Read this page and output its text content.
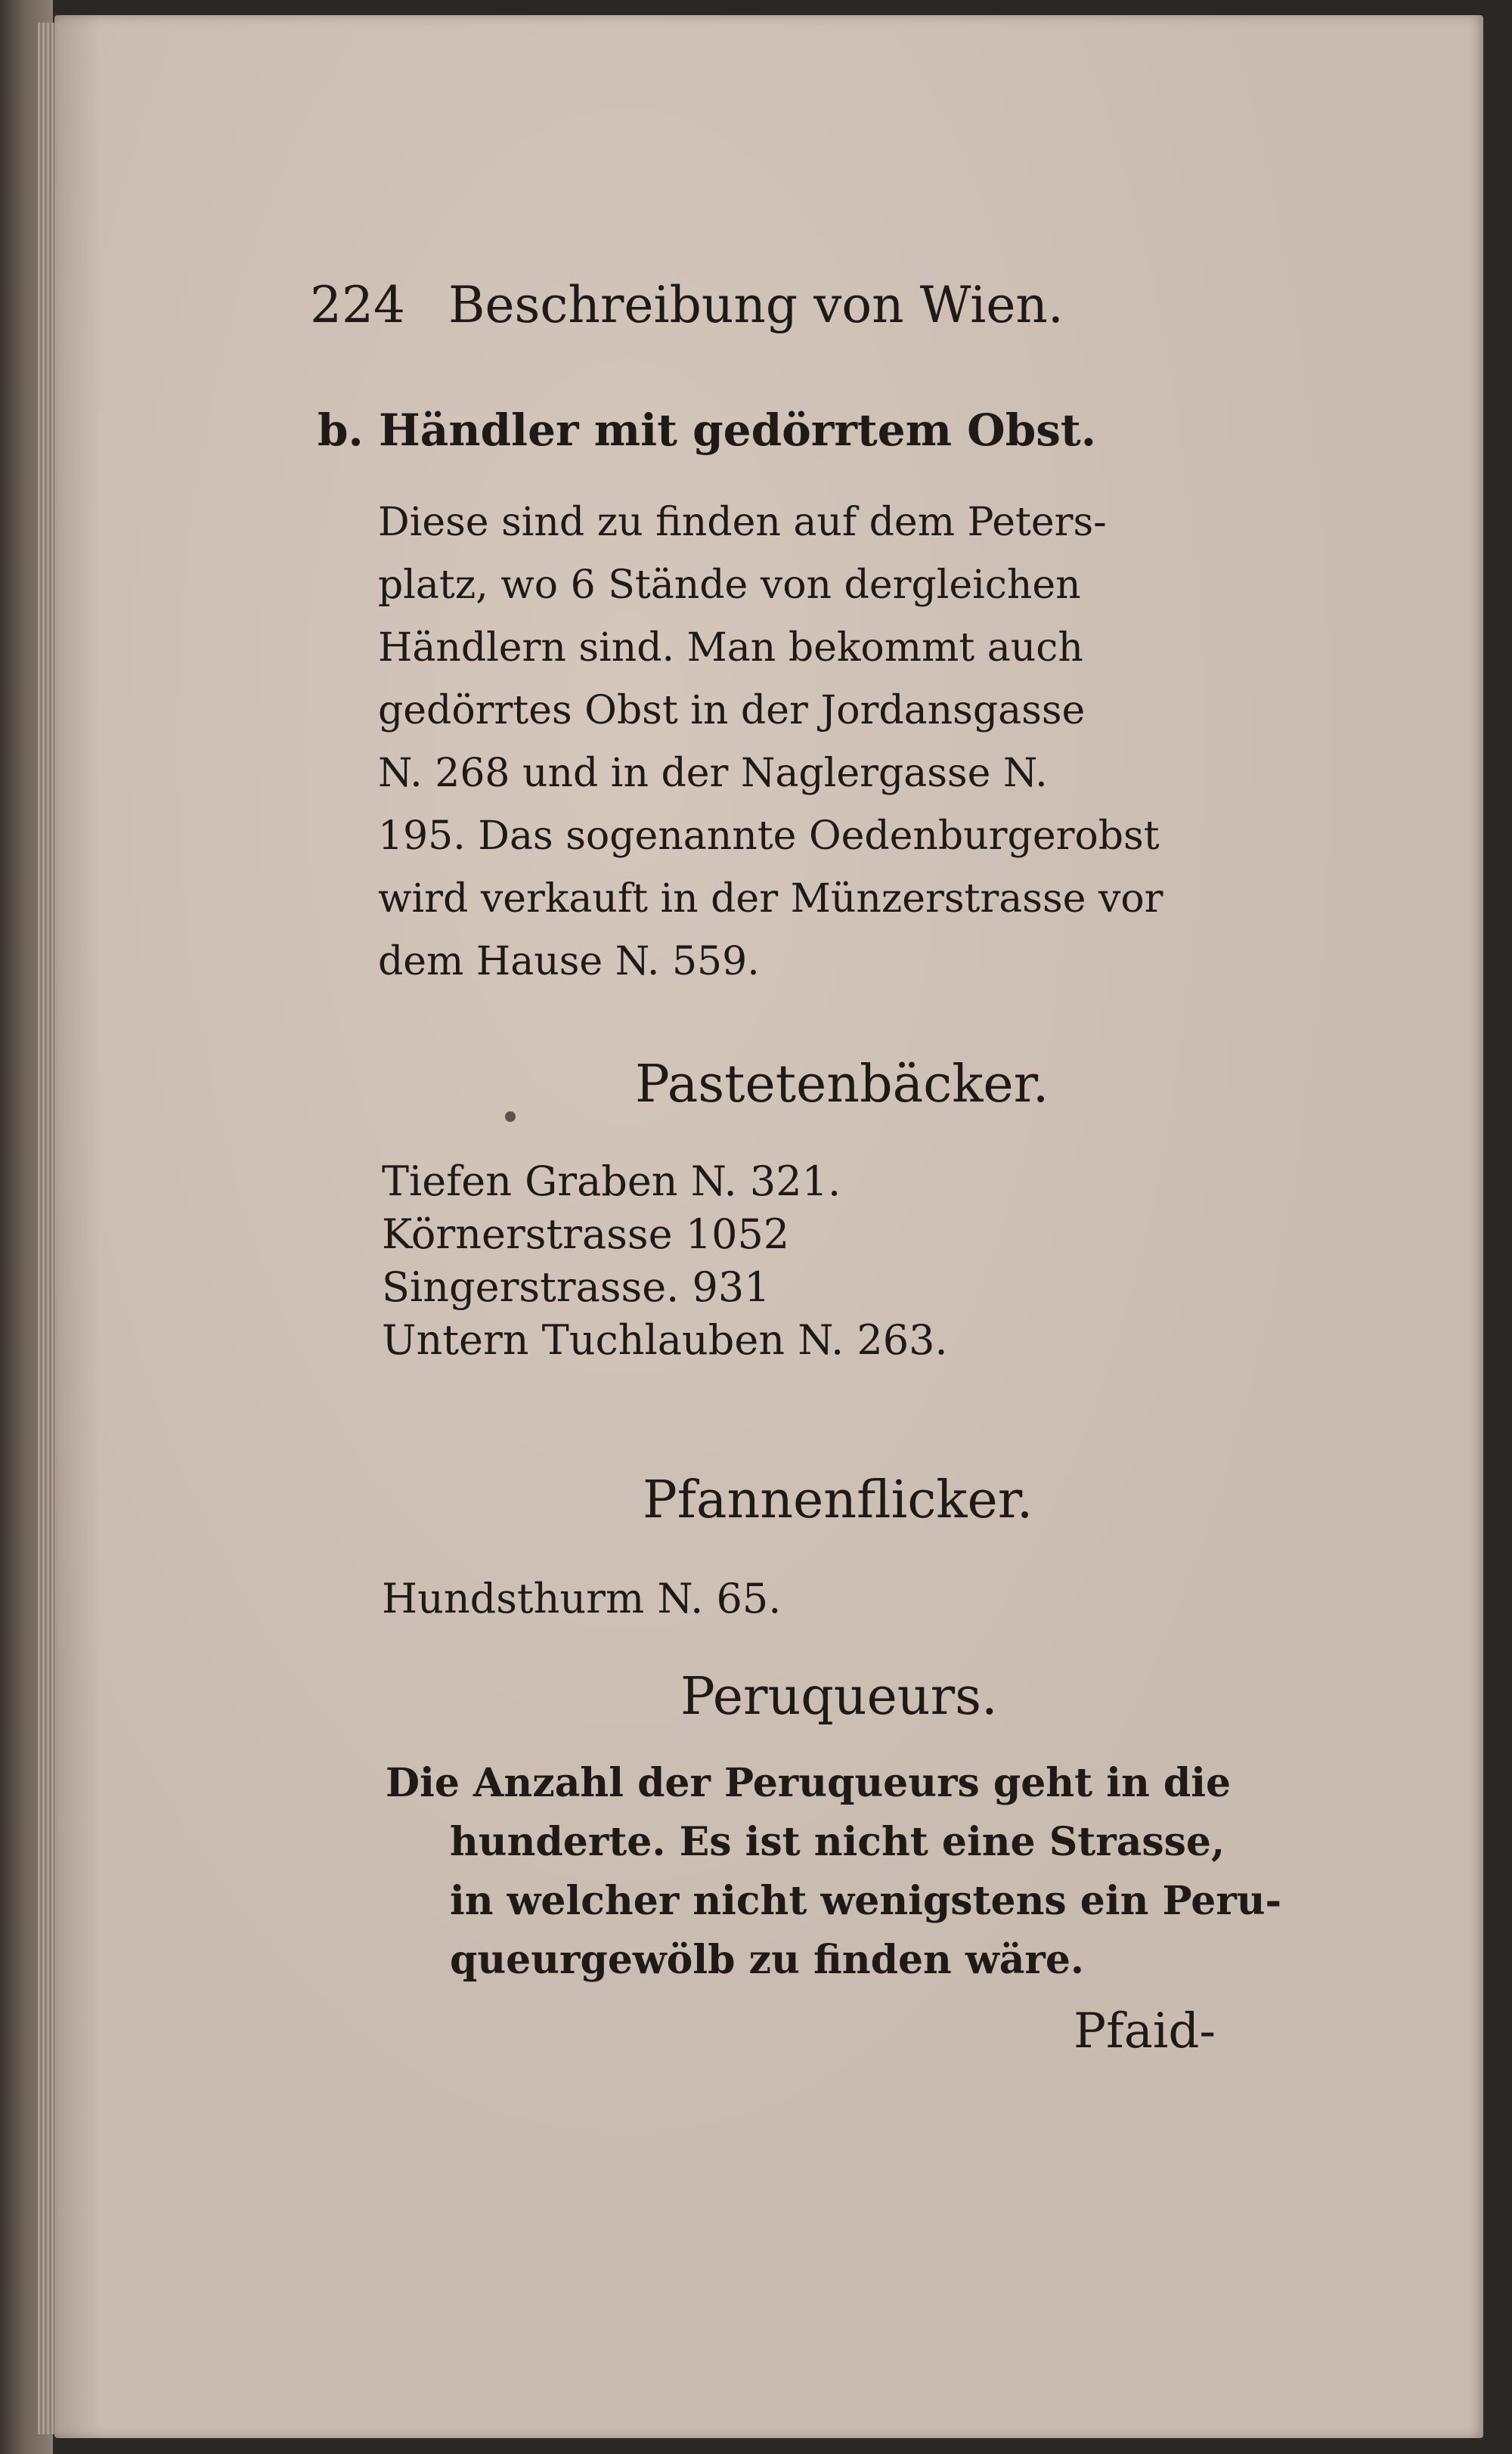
224 Beschreibung von Wien.
b. Händler mit gedörrtem Obst.
Diese sind zu finden auf dem Peters-
platz, wo 6 Stände von dergleichen
Händlern sind. Man bekommt auch
gedörrtes Obst in der Jordansgasse
N. 268 und in der Naglergasse N.
195. Das sogenannte Oedenburgerobst
wird verkauft in der Münzerstrasse vor
dem Hause N. 559.
Pastetenbäcker.
Tiefen Graben N. 321.
Körnerstrasse 1052
Singerstrasse. 931
Untern Tuchlauben N. 263.
Pfannenflicker.
Hundsthurm N. 65.
Peruqueurs.
Die Anzahl der Peruqueurs geht in die
hunderte. Es ist nicht eine Strasse,
in welcher nicht wenigstens ein Peru-
queurgewölb zu finden wäre.
Pfaid-
